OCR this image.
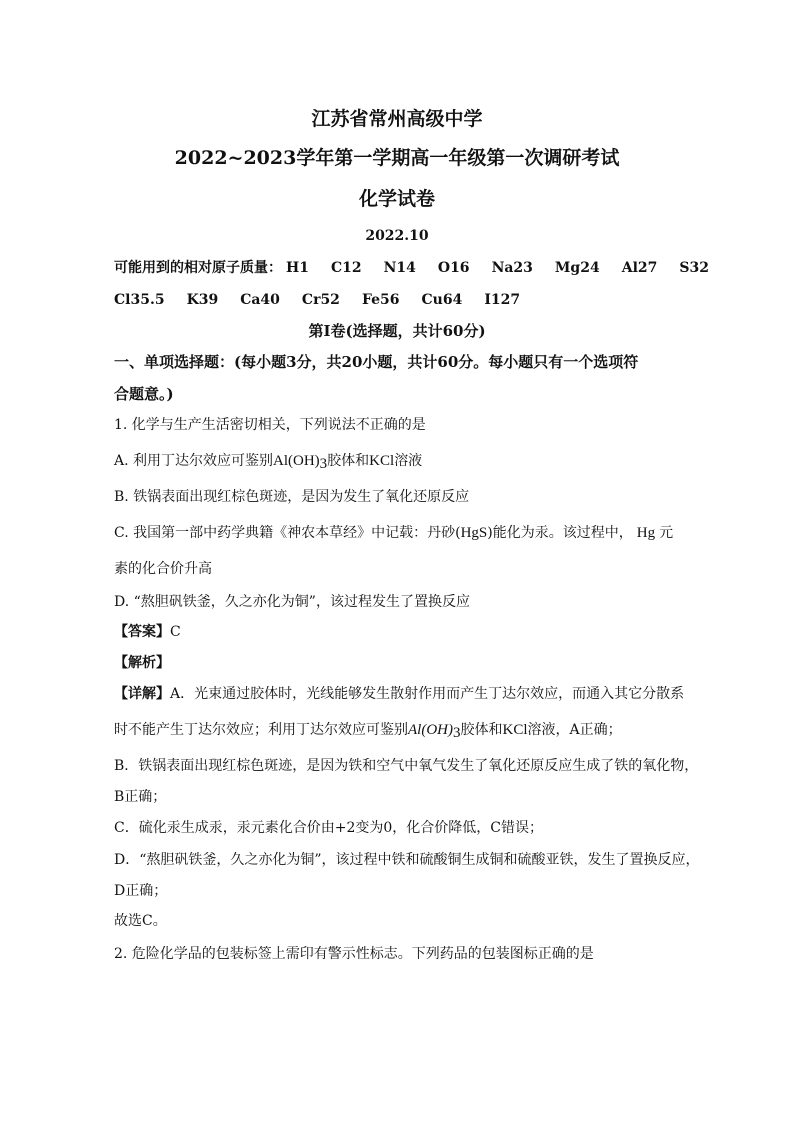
江苏省常州高级中学
2022~2023学年第一学期高一年级第一次调研考试
化学试卷
2022.10
可能用到的相对原子质量： H1 C12 N14 O16 Na23 Mg24 Al27 S32
Cl35.5 K39 Ca40 Cr52 Fe56 Cu64 I127
第I卷(选择题，共计60分)
一、单项选择题：(每小题3分，共20小题，共计60分。每小题只有一个选项符
合题意。)
1. 化学与生产生活密切相关，下列说法不正确的是
A. 利用丁达尔效应可鉴别Al(OH)3胶体和KCl溶液
B. 铁锅表面出现红棕色斑迹，是因为发生了氧化还原反应
C. 我国第一部中药学典籍《神农本草经》中记载：丹砂(HgS)能化为汞。该过程中， Hg 元
素的化合价升高
D. “熬胆矾铁釜，久之亦化为铜”，该过程发生了置换反应
【答案】C
【解析】
【详解】A．光束通过胶体时，光线能够发生散射作用而产生丁达尔效应，而通入其它分散系
时不能产生丁达尔效应；利用丁达尔效应可鉴别Al(OH)3胶体和KCl溶液，A正确；
B．铁锅表面出现红棕色斑迹，是因为铁和空气中氧气发生了氧化还原反应生成了铁的氧化物，
B正确；
C．硫化汞生成汞，汞元素化合价由+2变为0，化合价降低，C错误；
D．“熬胆矾铁釜，久之亦化为铜”，该过程中铁和硫酸铜生成铜和硫酸亚铁，发生了置换反应，
D正确；
故选C。
2. 危险化学品的包装标签上需印有警示性标志。下列药品的包装图标正确的是
